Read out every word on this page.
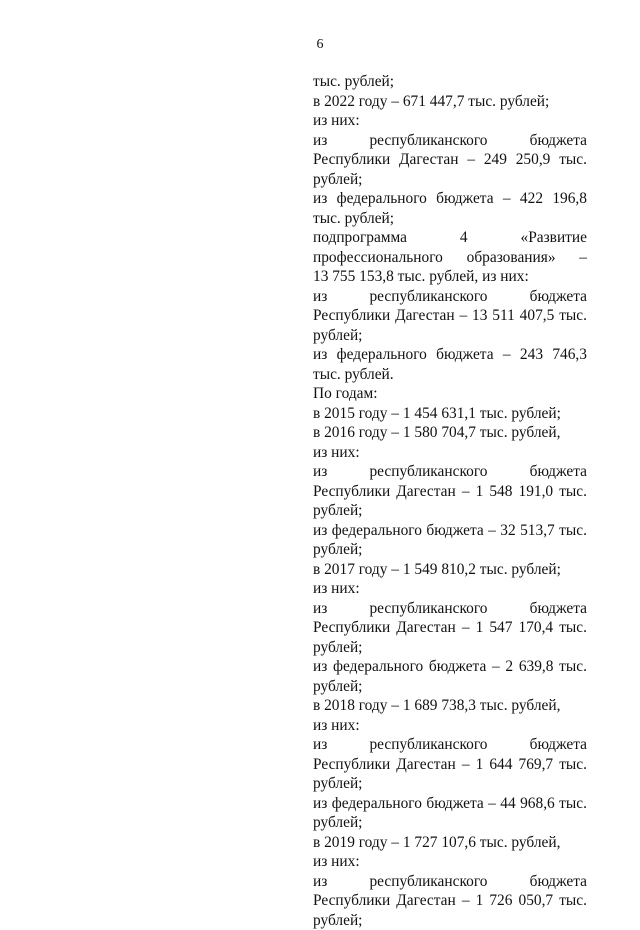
6
тыс. рублей;
в 2022 году – 671 447,7 тыс. рублей;
из них:
из	республиканского	бюджета
Республики Дагестан – 249 250,9 тыс.
рублей;
из федерального бюджета – 422 196,8
тыс. рублей;
подпрограмма	4	«Развитие
профессионального образования» –
13 755 153,8 тыс. рублей, из них:
из	республиканского	бюджета
Республики Дагестан – 13 511 407,5 тыс.
рублей;
из федерального бюджета – 243 746,3
тыс. рублей.
По годам:
в 2015 году – 1 454 631,1 тыс. рублей;
в 2016 году – 1 580 704,7 тыс. рублей,
из них:
из	республиканского	бюджета
Республики Дагестан – 1 548 191,0 тыс.
рублей;
из федерального бюджета – 32 513,7 тыс.
рублей;
в 2017 году – 1 549 810,2 тыс. рублей;
из них:
из	республиканского	бюджета
Республики Дагестан – 1 547 170,4 тыс.
рублей;
из федерального бюджета – 2 639,8 тыс.
рублей;
в 2018 году – 1 689 738,3 тыс. рублей,
из них:
из	республиканского	бюджета
Республики Дагестан – 1 644 769,7 тыс.
рублей;
из федерального бюджета – 44 968,6 тыс.
рублей;
в 2019 году – 1 727 107,6 тыс. рублей,
из них:
из	республиканского	бюджета
Республики Дагестан – 1 726 050,7 тыс.
рублей;
